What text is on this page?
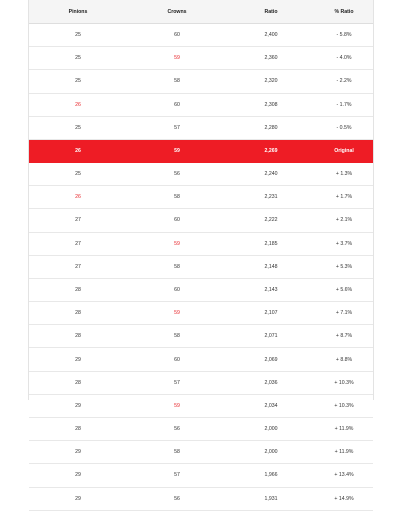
Pinions	Crowns	Ratio	% Ratio
25	60	2,400	- 5.8%
25	59	2,360	- 4.0%
25	58	2,320	- 2.2%
26	60	2,308	- 1.7%
25	57	2,280	- 0.5%
26	59	2,269	Original
25	56	2,240	+ 1.3%
26	58	2,231	+ 1.7%
27	60	2,222	+ 2.1%
27	59	2,185	+ 3.7%
27	58	2,148	+ 5.3%
28	60	2,143	+ 5.6%
28	59	2,107	+ 7.1%
28	58	2,071	+ 8.7%
29	60	2,069	+ 8.8%
28	57	2,036	+ 10.3%
29	59	2,034	+ 10.3%
28	56	2,000	+ 11.9%
29	58	2,000	+ 11.9%
29	57	1,966	+ 13.4%
29	56	1,931	+ 14.9%
